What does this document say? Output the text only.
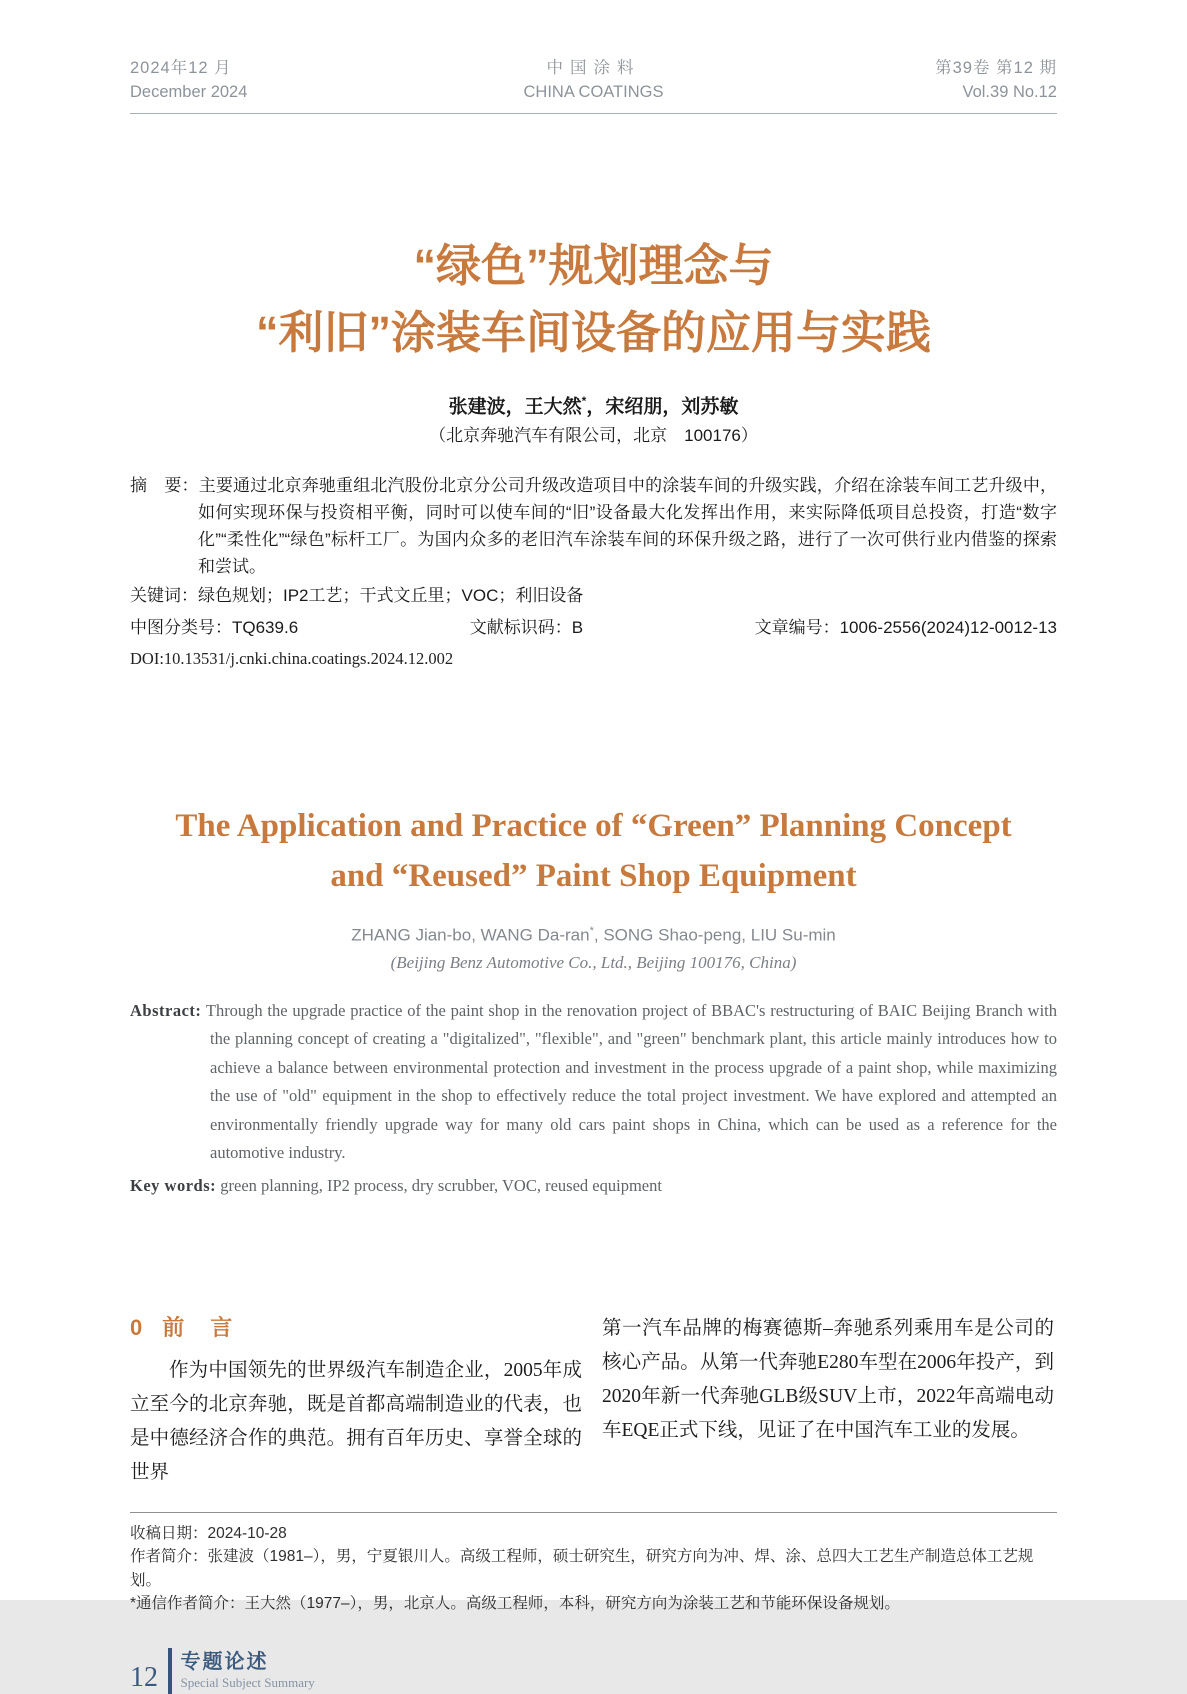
2024年12 月
December 2024
中国涂料
CHINA COATINGS
第39卷 第12 期
Vol.39 No.12
“绿色”规划理念与
“利旧”涂装车间设备的应用与实践
张建波，王大然*，宋绍朋，刘苏敏
（北京奔驰汽车有限公司，北京　100176）
摘　要：主要通过北京奔驰重组北汽股份北京分公司升级改造项目中的涂装车间的升级实践，介绍在涂装车间工艺升级中，如何实现环保与投资相平衡，同时可以使车间的“旧”设备最大化发挥出作用，来实际降低项目总投资，打造“数字化”“柔性化”“绿色”标杆工厂。为国内众多的老旧汽车涂装车间的环保升级之路，进行了一次可供行业内借鉴的探索和尝试。
关键词：绿色规划；IP2工艺；干式文丘里；VOC；利旧设备
中图分类号：TQ639.6	文献标识码：B	文章编号：1006-2556(2024)12-0012-13
DOI:10.13531/j.cnki.china.coatings.2024.12.002
The Application and Practice of “Green” Planning Concept
and “Reused” Paint Shop Equipment
ZHANG Jian-bo, WANG Da-ran*, SONG Shao-peng, LIU Su-min
(Beijing Benz Automotive Co., Ltd., Beijing 100176, China)
Abstract: Through the upgrade practice of the paint shop in the renovation project of BBAC's restructuring of BAIC Beijing Branch with the planning concept of creating a "digitalized", "flexible", and "green" benchmark plant, this article mainly introduces how to achieve a balance between environmental protection and investment in the process upgrade of a paint shop, while maximizing the use of "old" equipment in the shop to effectively reduce the total project investment. We have explored and attempted an environmentally friendly upgrade way for many old cars paint shops in China, which can be used as a reference for the automotive industry.
Key words: green planning, IP2 process, dry scrubber, VOC, reused equipment
0 前　言

作为中国领先的世界级汽车制造企业，2005年成立至今的北京奔驰，既是首都高端制造业的代表，也是中德经济合作的典范。拥有百年历史、享誉全球的世界

第一汽车品牌的梅赛德斯–奔驰系列乘用车是公司的核心产品。从第一代奔驰E280车型在2006年投产，到2020年新一代奔驰GLB级SUV上市，2022年高端电动车EQE正式下线，见证了在中国汽车工业的发展。

收稿日期：2024-10-28
作者简介：张建波（1981–），男，宁夏银川人。高级工程师，硕士研究生，研究方向为冲、焊、涂、总四大工艺生产制造总体工艺规划。
*通信作者简介：王大然（1977–），男，北京人。高级工程师，本科，研究方向为涂装工艺和节能环保设备规划。
12 专题论述
Special Subject Summary
